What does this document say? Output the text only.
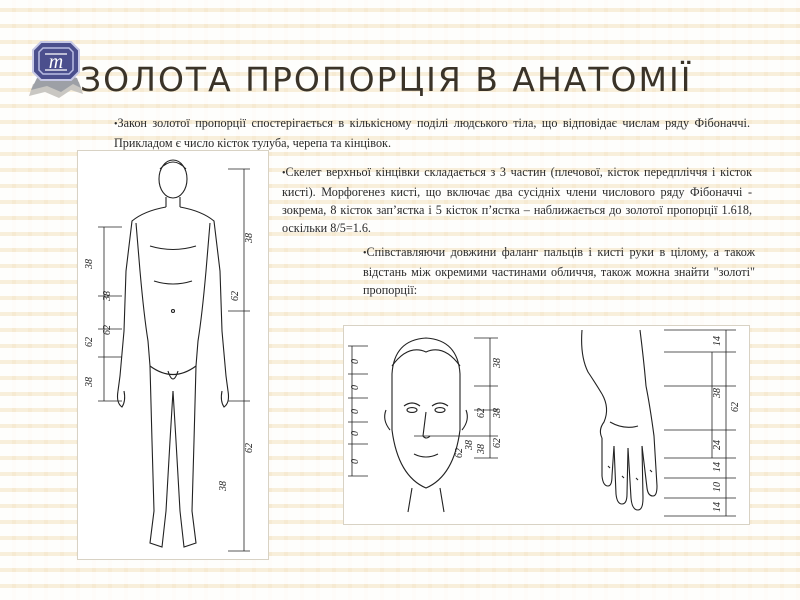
m ЗОЛОТА ПРОПОРЦІЯ В АНАТОМІЇ

•Закон золотої пропорції спостерігається в кількісному поділі людського тіла, що відповідає числам ряду Фібоначчі. Прикладом є число кісток тулуба, черепа та кінцівок.

•Скелет верхньої кінцівки складається з 3 частин (плечової, кісток передпліччя і кісток кисті). Морфогенез кисті, що включає два сусідніх члени числового ряду Фібоначчі - зокрема, 8 кісток зап’ястка і 5 кісток п’ястка – наближається до золотої пропорції 1.618, оскільки 8/5=1.6.

•Співставляючи довжини фаланг пальців і кисті руки в цілому, а також відстань між окремими частинами обличчя, також можна знайти "золоті" пропорції:

38
62
62
38
38
38
62
62
38
0
0
0
0
0
38
62 38
62
38
62
38
14
38
62
24
14
10
14
